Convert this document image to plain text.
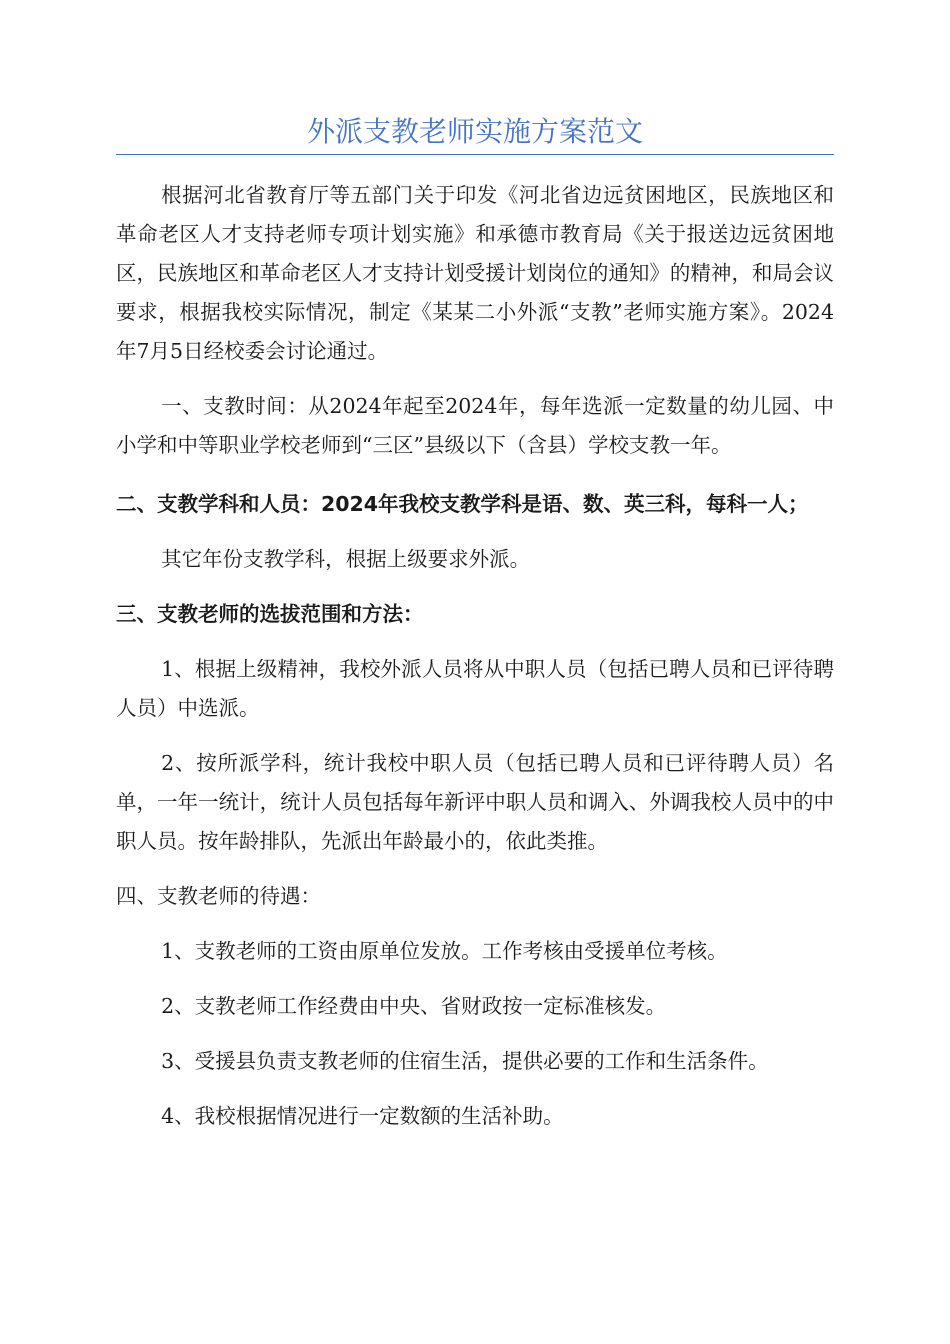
外派支教老师实施方案范文

根据河北省教育厅等五部门关于印发《河北省边远贫困地区，民族地区和革命老区人才支持老师专项计划实施》和承德市教育局《关于报送边远贫困地区，民族地区和革命老区人才支持计划受援计划岗位的通知》的精神，和局会议要求，根据我校实际情况，制定《某某二小外派“支教”老师实施方案》。2024年7月5日经校委会讨论通过。

一、支教时间：从2024年起至2024年，每年选派一定数量的幼儿园、中小学和中等职业学校老师到“三区”县级以下（含县）学校支教一年。

二、支教学科和人员：2024年我校支教学科是语、数、英三科，每科一人；

其它年份支教学科，根据上级要求外派。

三、支教老师的选拔范围和方法：

1、根据上级精神，我校外派人员将从中职人员（包括已聘人员和已评待聘人员）中选派。

2、按所派学科，统计我校中职人员（包括已聘人员和已评待聘人员）名单，一年一统计，统计人员包括每年新评中职人员和调入、外调我校人员中的中职人员。按年龄排队，先派出年龄最小的，依此类推。

四、支教老师的待遇：

1、支教老师的工资由原单位发放。工作考核由受援单位考核。

2、支教老师工作经费由中央、省财政按一定标准核发。

3、受援县负责支教老师的住宿生活，提供必要的工作和生活条件。

4、我校根据情况进行一定数额的生活补助。
